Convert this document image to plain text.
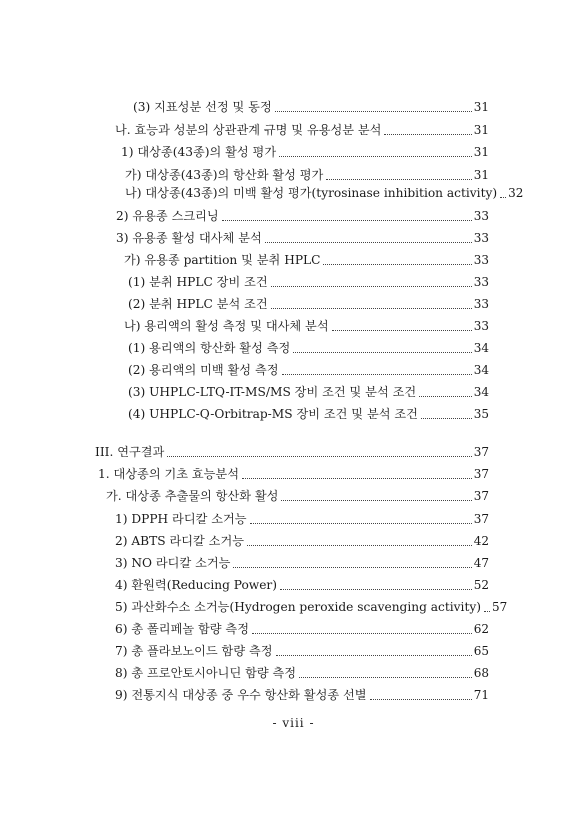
(3) 지표성분 선정 및 동정	31
나. 효능과 성분의 상관관계 규명 및 유용성분 분석	31
1) 대상종(43종)의 활성 평가	31
가) 대상종(43종)의 항산화 활성 평가	31
나) 대상종(43종)의 미백 활성 평가(tyrosinase inhibition activity) 32
2) 유용종 스크리닝	33
3) 유용종 활성 대사체 분석	33
가) 유용종 partition 및 분취 HPLC	33
(1) 분취 HPLC 장비 조건	33
(2) 분취 HPLC 분석 조건	33
나) 용리액의 활성 측정 및 대사체 분석	33
(1) 용리액의 항산화 활성 측정	34
(2) 용리액의 미백 활성 측정	34
(3) UHPLC-LTQ-IT-MS/MS 장비 조건 및 분석 조건	34
(4) UHPLC-Q-Orbitrap-MS 장비 조건 및 분석 조건	35
III. 연구결과	37
1. 대상종의 기초 효능분석	37
가. 대상종 추출물의 항산화 활성	37
1) DPPH 라디칼 소거능	37
2) ABTS 라디칼 소거능	42
3) NO 라디칼 소거능	47
4) 환원력(Reducing Power)	52
5) 과산화수소 소거능(Hydrogen peroxide scavenging activity) 57
6) 총 폴리페놀 함량 측정	62
7) 총 플라보노이드 함량 측정	65
8) 총 프로안토시아니딘 함량 측정	68
9) 전통지식 대상종 중 우수 항산화 활성종 선별	71
- viii -
